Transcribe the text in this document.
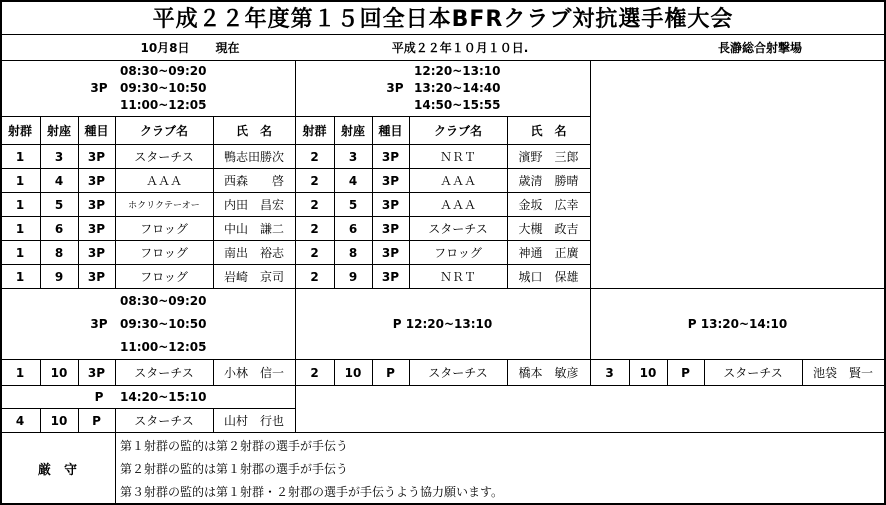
平成２２年度第１５回全日本BFRクラブ対抗選手権大会
10月8日	現在	平成２２年１０月１０日.	長瀞総合射撃場
3P
08:30~09:20
09:30~10:50
11:00~12:05
3P
12:20~13:10
13:20~14:40
14:50~15:55
射群	射座	種目	クラブ名	氏　名	射群	射座	種目	クラブ名	氏　名
1	3	3P	スターチス	鴨志田勝次	2	3	3P	ＮＲＴ	濱野　三郎
1	4	3P	ＡＡＡ	西森　　啓	2	4	3P	ＡＡＡ	歳清　勝晴
1	5	3P	ホクリクテーオー	内田　昌宏	2	5	3P	ＡＡＡ	金坂　広幸
1	6	3P	フロッグ	中山　謙二	2	6	3P	スターチス	大槻　政吉
1	8	3P	フロッグ	南出　裕志	2	8	3P	フロッグ	神通　正廣
1	9	3P	フロッグ	岩崎　京司	2	9	3P	ＮＲＴ	城口　保雄
3P
08:30~09:20
09:30~10:50
11:00~12:05
P 12:20~13:10	P 13:20~14:10
1	10	3P	スターチス	小林　信一	2	10	P	スターチス	橋本　敏彦	3	10	P	スターチス	池袋　賢一
P	14:20~15:10
4	10	P	スターチス	山村　行也
厳　守
第１射群の監的は第２射群の選手が手伝う
第２射群の監的は第１射郡の選手が手伝う
第３射群の監的は第１射群・２射郡の選手が手伝うよう協力願います。
